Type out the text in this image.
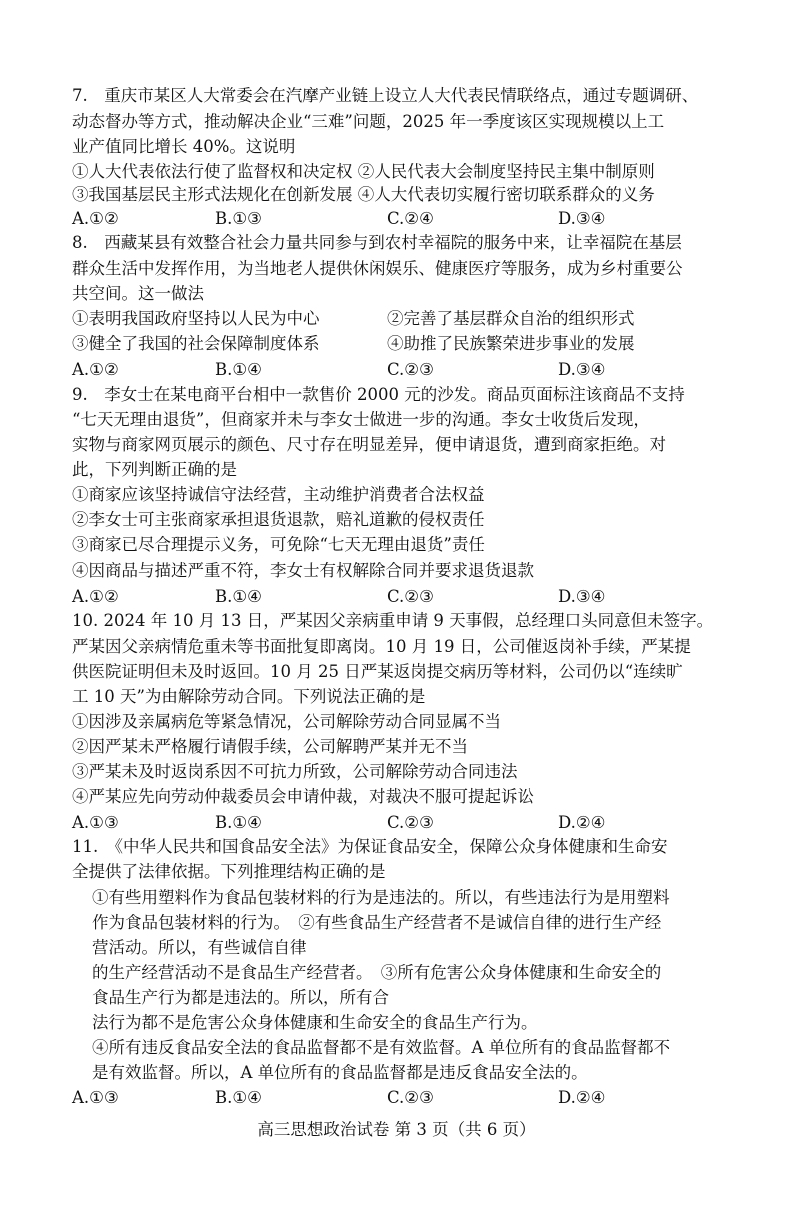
7.　重庆市某区人大常委会在汽摩产业链上设立人大代表民情联络点，通过专题调研、
动态督办等方式，推动解决企业“三难”问题，2025 年一季度该区实现规模以上工
业产值同比增长 40%。这说明
①人大代表依法行使了监督权和决定权 ②人民代表大会制度坚持民主集中制原则
③我国基层民主形式法规化在创新发展 ④人大代表切实履行密切联系群众的义务
A.①②	B.①③	C.②④	D.③④
8.　西藏某县有效整合社会力量共同参与到农村幸福院的服务中来，让幸福院在基层
群众生活中发挥作用，为当地老人提供休闲娱乐、健康医疗等服务，成为乡村重要公
共空间。这一做法
①表明我国政府坚持以人民为中心	②完善了基层群众自治的组织形式
③健全了我国的社会保障制度体系	④助推了民族繁荣进步事业的发展
A.①②	B.①④	C.②③	D.③④
9.　李女士在某电商平台相中一款售价 2000 元的沙发。商品页面标注该商品不支持
“七天无理由退货”，但商家并未与李女士做进一步的沟通。李女士收货后发现，
实物与商家网页展示的颜色、尺寸存在明显差异，便申请退货，遭到商家拒绝。对
此，下列判断正确的是
①商家应该坚持诚信守法经营，主动维护消费者合法权益
②李女士可主张商家承担退货退款，赔礼道歉的侵权责任
③商家已尽合理提示义务，可免除“七天无理由退货”责任
④因商品与描述严重不符，李女士有权解除合同并要求退货退款
A.①②	B.①④	C.②③	D.③④
10. 2024 年 10 月 13 日，严某因父亲病重申请 9 天事假，总经理口头同意但未签字。
严某因父亲病情危重未等书面批复即离岗。10 月 19 日，公司催返岗补手续，严某提
供医院证明但未及时返回。10 月 25 日严某返岗提交病历等材料，公司仍以“连续旷
工 10 天”为由解除劳动合同。下列说法正确的是
①因涉及亲属病危等紧急情况，公司解除劳动合同显属不当
②因严某未严格履行请假手续，公司解聘严某并无不当
③严某未及时返岗系因不可抗力所致，公司解除劳动合同违法
④严某应先向劳动仲裁委员会申请仲裁，对裁决不服可提起诉讼
A.①③	B.①④	C.②③	D.②④
11.　《中华人民共和国食品安全法》为保证食品安全，保障公众身体健康和生命安
全提供了法律依据。下列推理结构正确的是
①有些用塑料作为食品包装材料的行为是违法的。所以，有些违法行为是用塑料
作为食品包装材料的行为。　②有些食品生产经营者不是诚信自律的进行生产经
营活动。所以，有些诚信自律
的生产经营活动不是食品生产经营者。　③所有危害公众身体健康和生命安全的
食品生产行为都是违法的。所以，所有合
法行为都不是危害公众身体健康和生命安全的食品生产行为。
④所有违反食品安全法的食品监督都不是有效监督。A 单位所有的食品监督都不
是有效监督。所以，A 单位所有的食品监督都是违反食品安全法的。
A.①③	B.①④	C.②③	D.②④
高三思想政治试卷 第 3 页（共 6 页）
